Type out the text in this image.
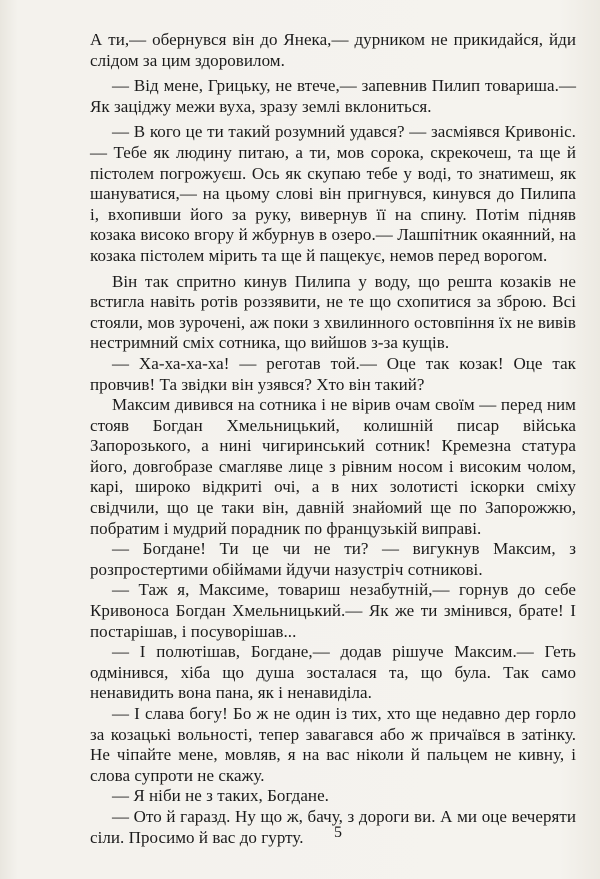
А ти,— обернувся він до Янека,— дурником не прикидайся, йди слідом за цим здоровилом.

— Від мене, Грицьку, не втече,— запевнив Пилип товариша.— Як заціджу межи вуха, зразу землі вклониться.

— В кого це ти такий розумний удався? — засміявся Кривоніс.— Тебе як людину питаю, а ти, мов сорока, скрекочеш, та ще й пістолем погрожуєш. Ось як скупаю тебе у воді, то знатимеш, як шануватися,— на цьому слові він пригнувся, кинувся до Пилипа і, вхопивши його за руку, вивернув її на спину. Потім підняв козака високо вгору й жбурнув в озеро.— Лашпітник окаянний, на козака пістолем мірить та ще й пащекує, немов перед ворогом.

Він так спритно кинув Пилипа у воду, що решта козаків не встигла навіть ротів роззявити, не те що схопитися за зброю. Всі стояли, мов зурочені, аж поки з хвилинного остовпіння їх не вивів нестримний сміх сотника, що вийшов з-за кущів.

— Ха-ха-ха-ха! — реготав той.— Оце так козак! Оце так провчив! Та звідки він узявся? Хто він такий?

Максим дивився на сотника і не вірив очам своїм — перед ним стояв Богдан Хмельницький, колишній писар війська Запорозького, а нині чигиринський сотник! Кремезна статура його, довгобразе смагляве лице з рівним носом і високим чолом, карі, широко відкриті очі, а в них золотисті іскорки сміху свідчили, що це таки він, давній знайомий ще по Запорожжю, побратим і мудрий порадник по французькій виправі.

— Богдане! Ти це чи не ти? — вигукнув Максим, з розпростертими обіймами йдучи назустріч сотникові.

— Таж я, Максиме, товариш незабутній,— горнув до себе Кривоноса Богдан Хмельницький.— Як же ти змінився, брате! І постарішав, і посуворішав...

— І полютішав, Богдане,— додав рішуче Максим.— Геть одмінився, хіба що душа зосталася та, що була. Так само ненавидить вона пана, як і ненавиділа.

— І слава богу! Бо ж не один із тих, хто ще недавно дер горло за козацькі вольності, тепер завагався або ж причаївся в затінку. Не чіпайте мене, мовляв, я на вас ніколи й пальцем не кивну, і слова супроти не скажу.

— Я ніби не з таких, Богдане.

— Ото й гаразд. Ну що ж, бачу, з дороги ви. А ми оце вечеряти сіли. Просимо й вас до гурту.	5
